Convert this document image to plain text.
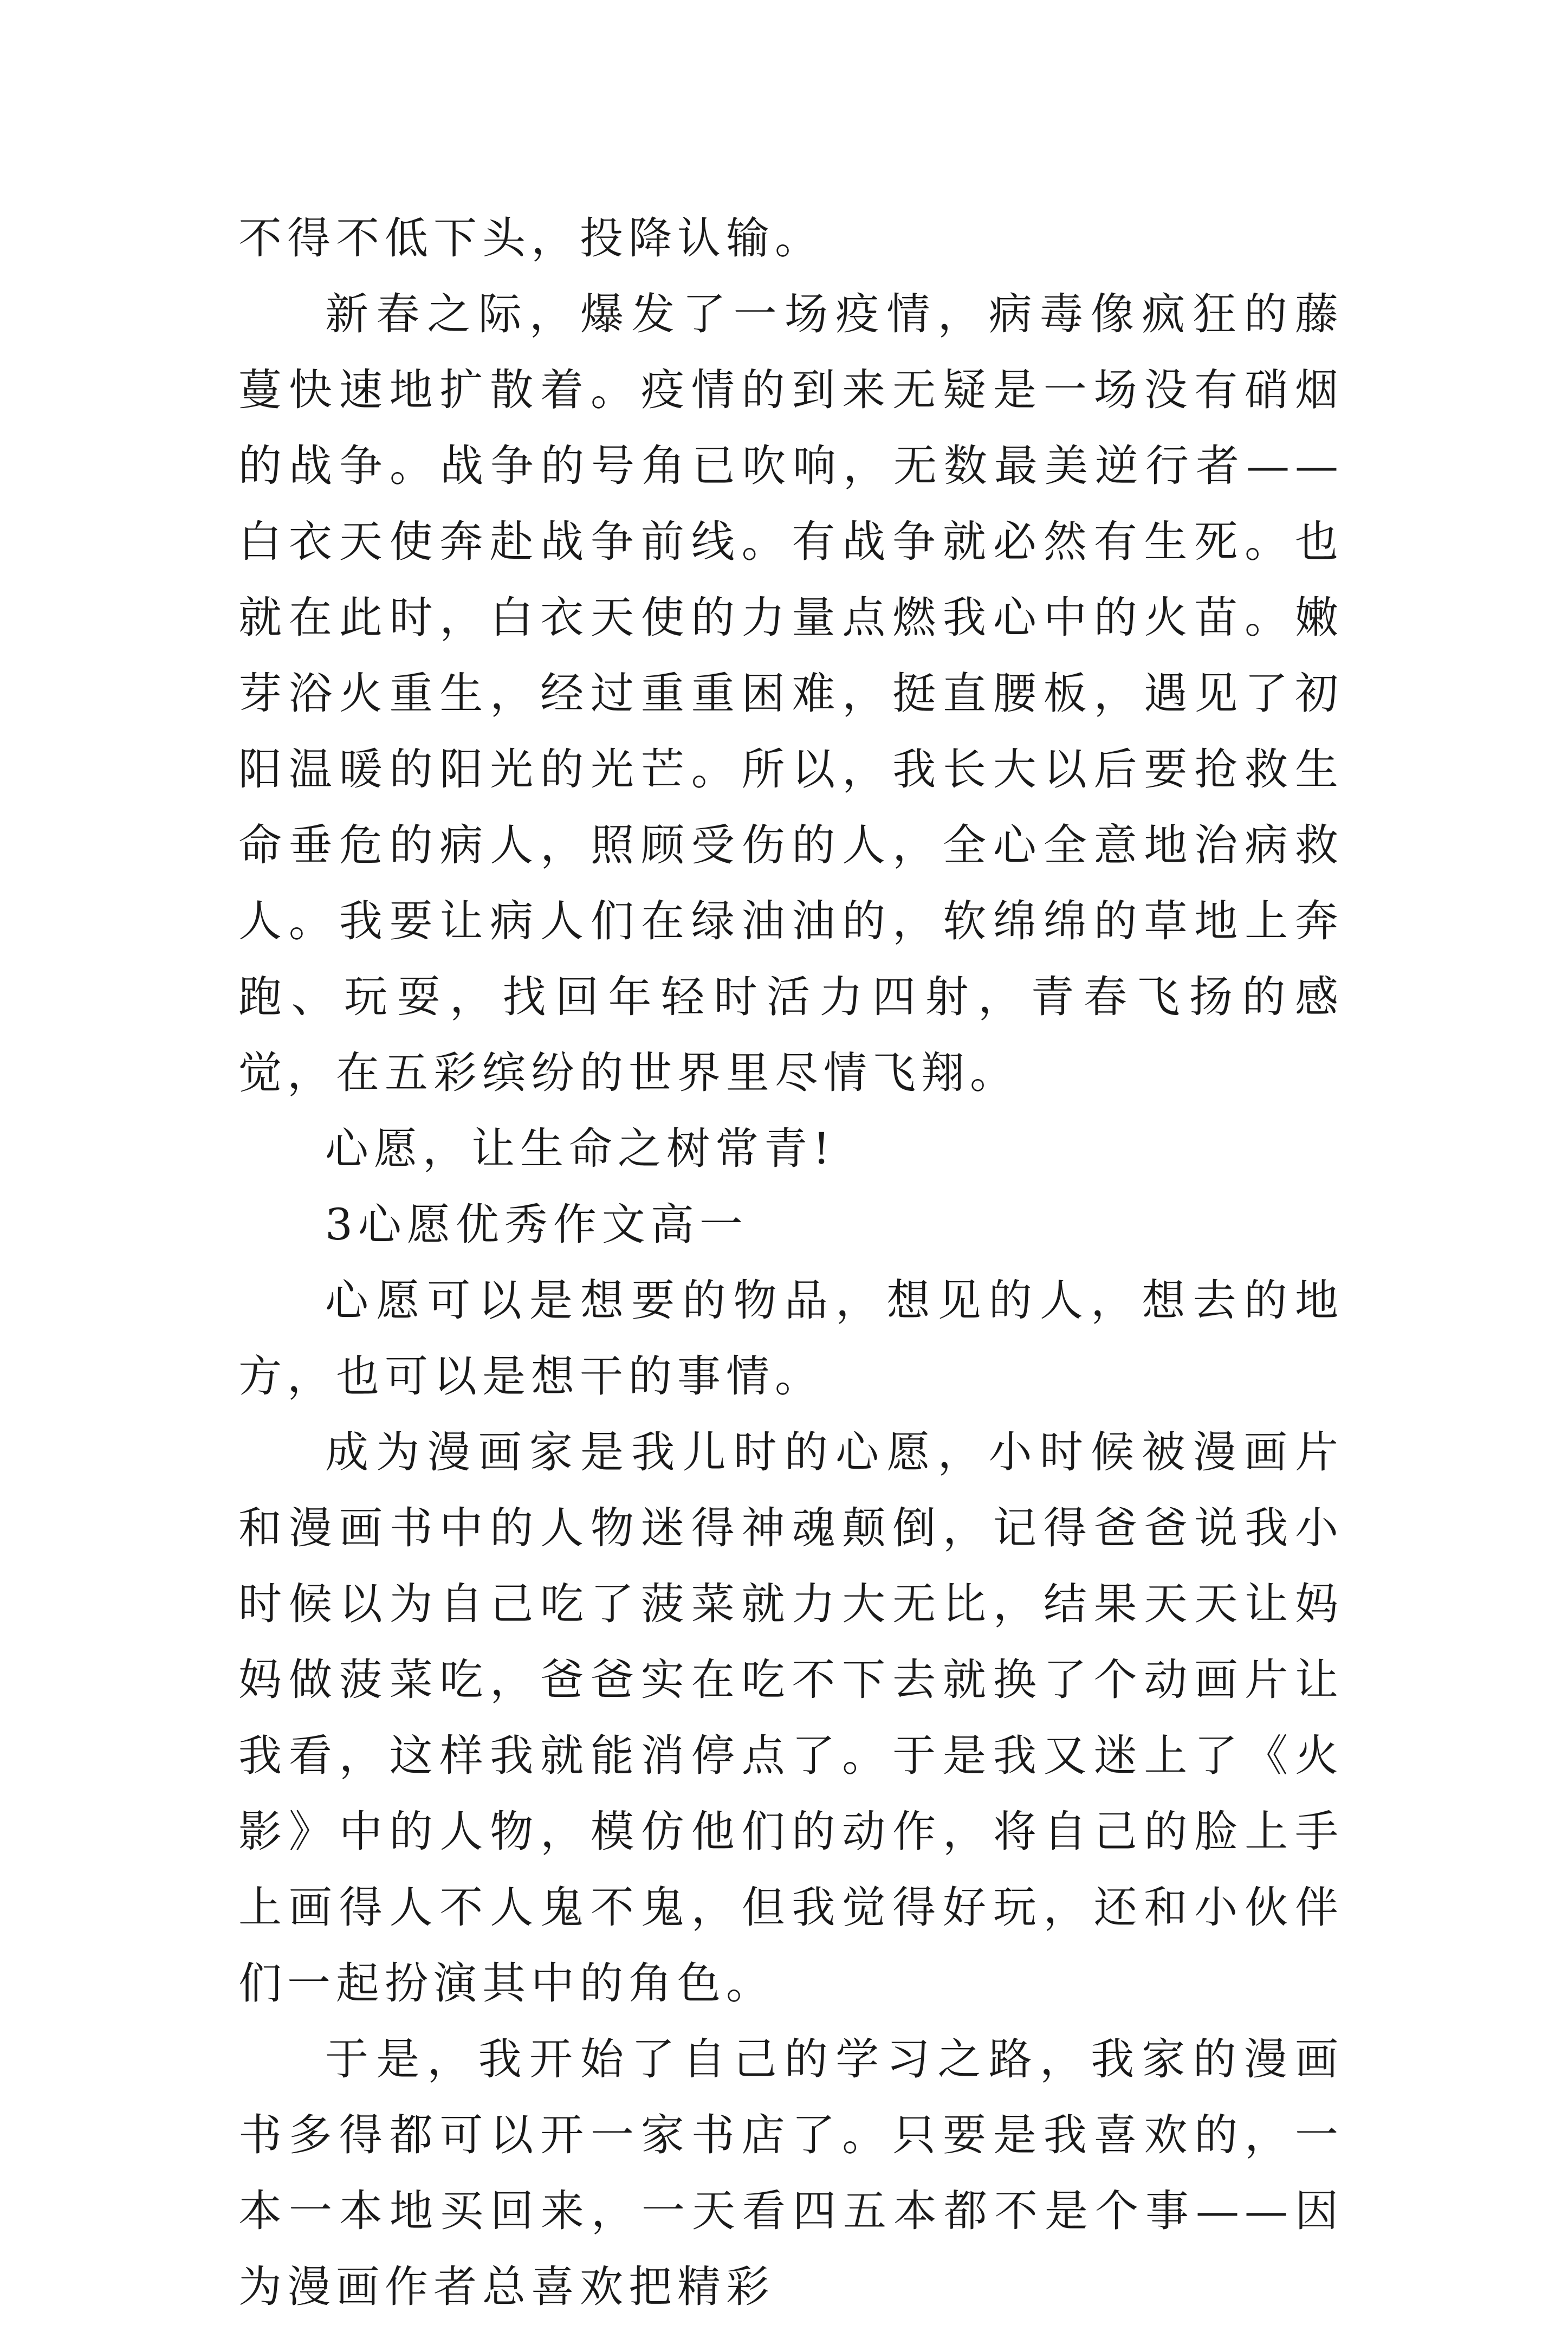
不得不低下头，投降认输。

新春之际，爆发了一场疫情，病毒像疯狂的藤蔓快速地扩散着。疫情的到来无疑是一场没有硝烟的战争。战争的号角已吹响，无数最美逆行者——白衣天使奔赴战争前线。有战争就必然有生死。也就在此时，白衣天使的力量点燃我心中的火苗。嫩芽浴火重生，经过重重困难，挺直腰板，遇见了初阳温暖的阳光的光芒。所以，我长大以后要抢救生命垂危的病人，照顾受伤的人，全心全意地治病救人。我要让病人们在绿油油的，软绵绵的草地上奔跑、玩耍，找回年轻时活力四射，青春飞扬的感觉，在五彩缤纷的世界里尽情飞翔。

心愿，让生命之树常青!

3心愿优秀作文高一

心愿可以是想要的物品，想见的人，想去的地方，也可以是想干的事情。

成为漫画家是我儿时的心愿，小时候被漫画片和漫画书中的人物迷得神魂颠倒，记得爸爸说我小时候以为自己吃了菠菜就力大无比，结果天天让妈妈做菠菜吃，爸爸实在吃不下去就换了个动画片让我看，这样我就能消停点了。于是我又迷上了《火影》中的人物，模仿他们的动作，将自己的脸上手上画得人不人鬼不鬼，但我觉得好玩，还和小伙伴们一起扮演其中的角色。

于是，我开始了自己的学习之路，我家的漫画书多得都可以开一家书店了。只要是我喜欢的，一本一本地买回来，一天看四五本都不是个事——因为漫画作者总喜欢把精彩
